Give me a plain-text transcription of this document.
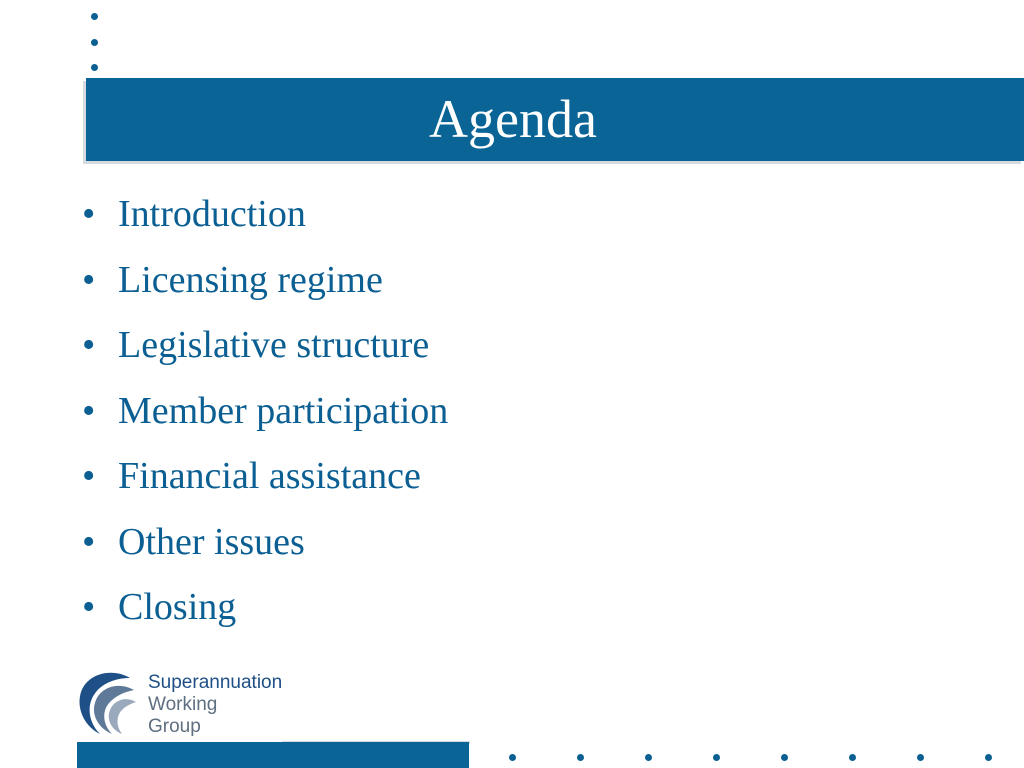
Agenda
• Introduction
• Licensing regime
• Legislative structure
• Member participation
• Financial assistance
• Other issues
• Closing
Superannuation
Working
Group
